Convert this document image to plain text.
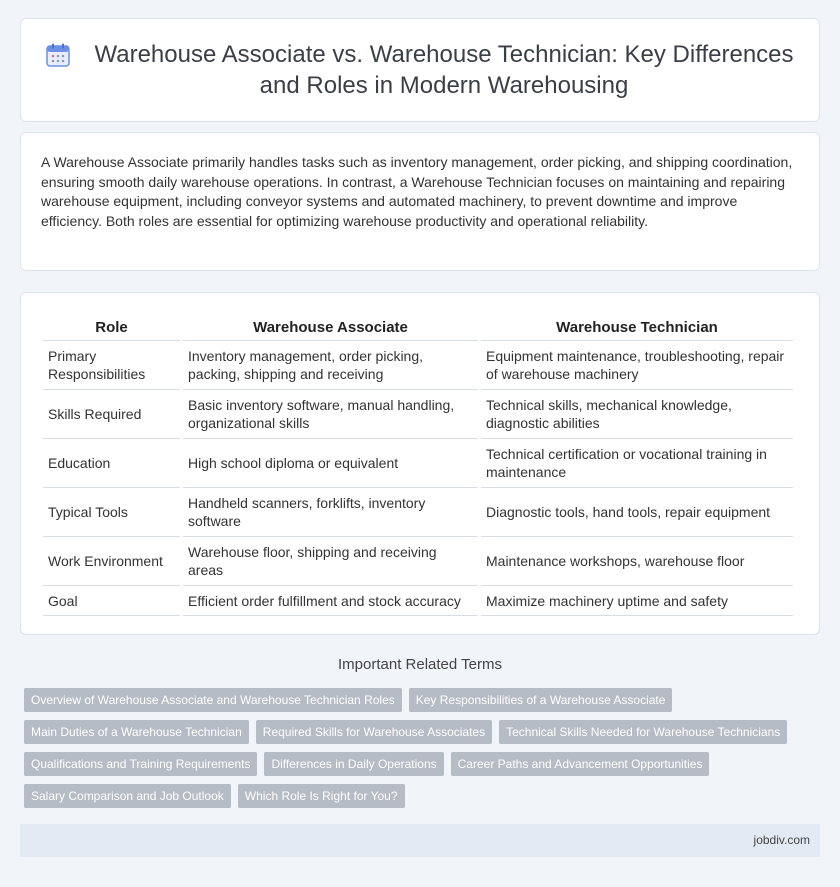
Warehouse Associate vs. Warehouse Technician: Key Differences and Roles in Modern Warehousing

A Warehouse Associate primarily handles tasks such as inventory management, order picking, and shipping coordination, ensuring smooth daily warehouse operations. In contrast, a Warehouse Technician focuses on maintaining and repairing warehouse equipment, including conveyor systems and automated machinery, to prevent downtime and improve efficiency. Both roles are essential for optimizing warehouse productivity and operational reliability.

Role	Warehouse Associate	Warehouse Technician
Primary Responsibilities	Inventory management, order picking, packing, shipping and receiving	Equipment maintenance, troubleshooting, repair of warehouse machinery
Skills Required	Basic inventory software, manual handling, organizational skills	Technical skills, mechanical knowledge, diagnostic abilities
Education	High school diploma or equivalent	Technical certification or vocational training in maintenance
Typical Tools	Handheld scanners, forklifts, inventory software	Diagnostic tools, hand tools, repair equipment
Work Environment	Warehouse floor, shipping and receiving areas	Maintenance workshops, warehouse floor
Goal	Efficient order fulfillment and stock accuracy	Maximize machinery uptime and safety
Important Related Terms
Overview of Warehouse Associate and Warehouse Technician Roles	Key Responsibilities of a Warehouse Associate
Main Duties of a Warehouse Technician	Required Skills for Warehouse Associates	Technical Skills Needed for Warehouse Technicians
Qualifications and Training Requirements	Differences in Daily Operations	Career Paths and Advancement Opportunities
Salary Comparison and Job Outlook	Which Role Is Right for You?
jobdiv.com
